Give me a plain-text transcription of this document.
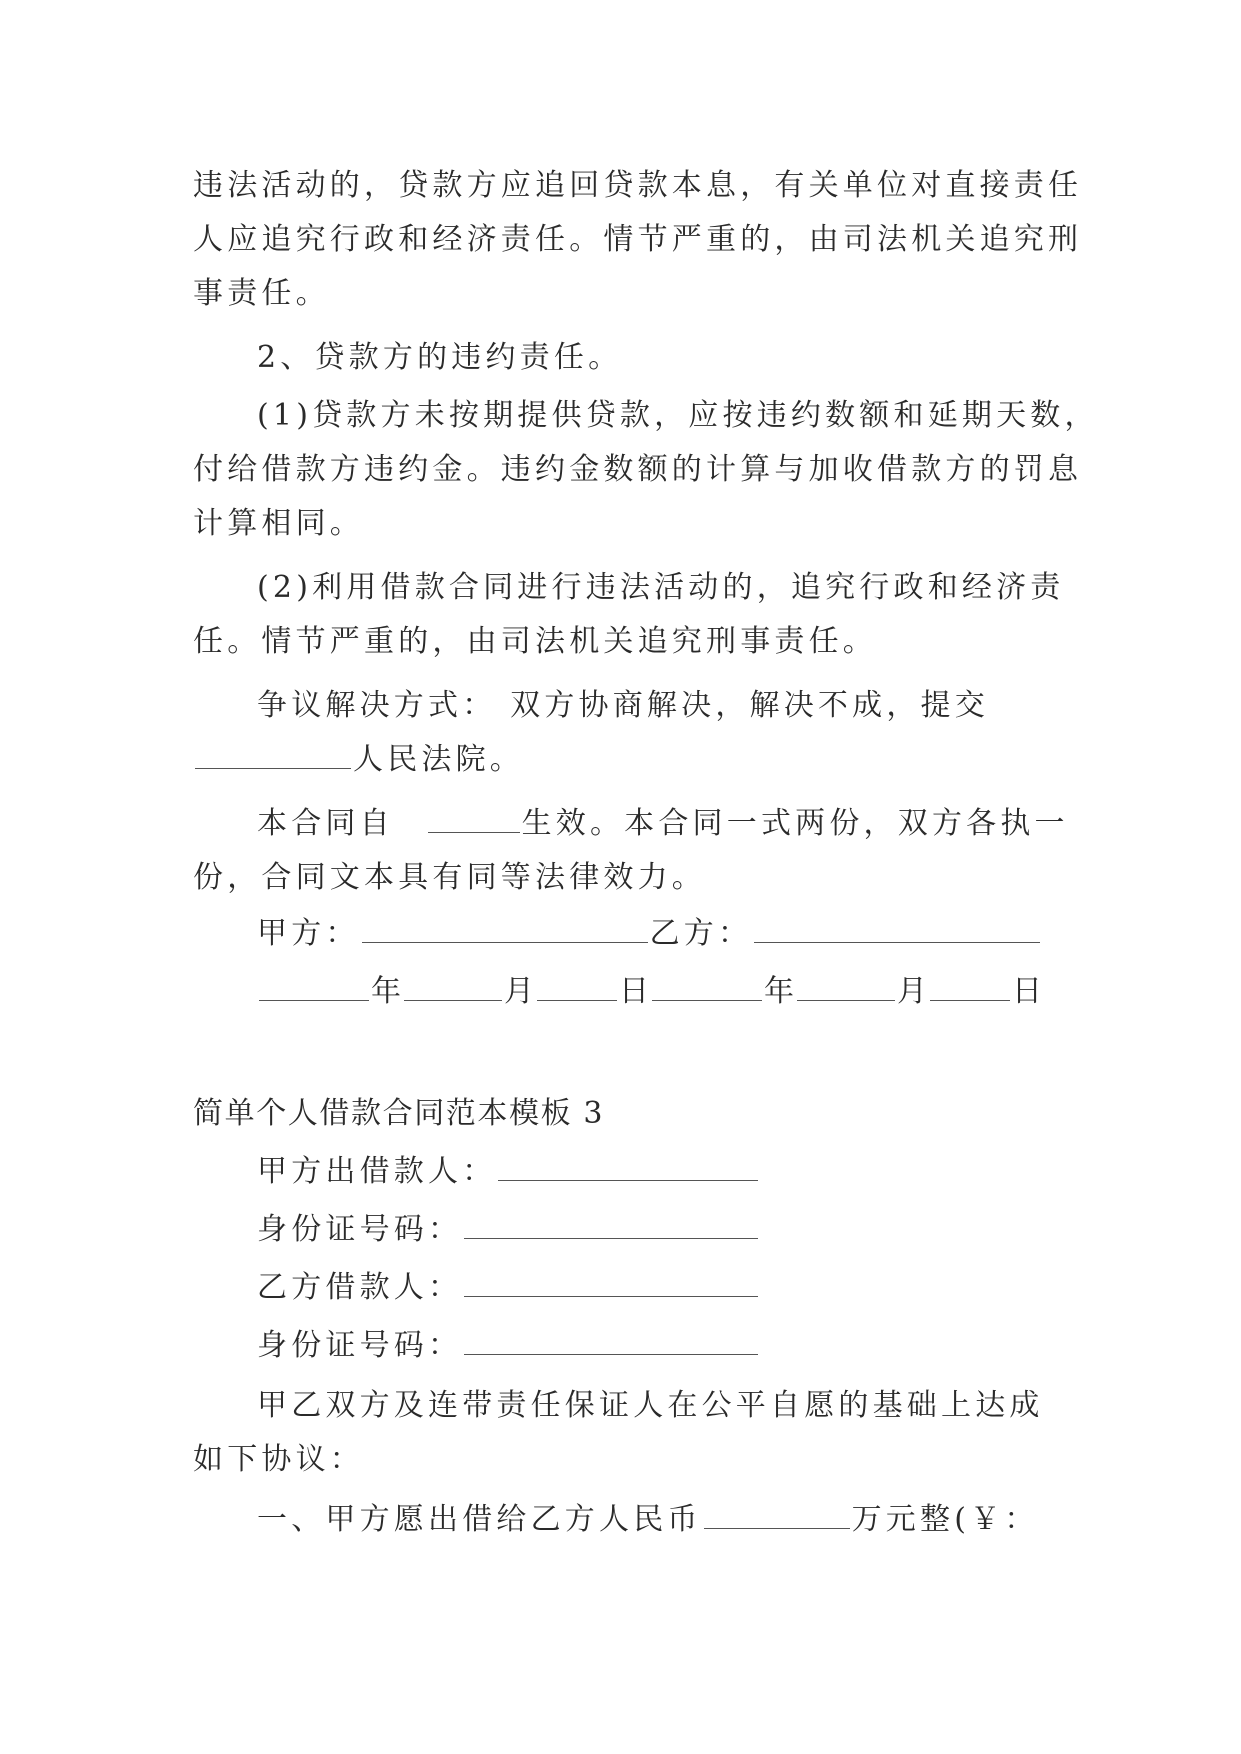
违法活动的，贷款方应追回贷款本息，有关单位对直接责任
人应追究行政和经济责任。情节严重的，由司法机关追究刑
事责任。
2、贷款方的违约责任。
(1)贷款方未按期提供贷款，应按违约数额和延期天数，
付给借款方违约金。违约金数额的计算与加收借款方的罚息
计算相同。
(2)利用借款合同进行违法活动的，追究行政和经济责
任。情节严重的，由司法机关追究刑事责任。
争议解决方式： 双方协商解决，解决不成，提交
人民法院。
本合同自	生效。本合同一式两份，双方各执一
份，合同文本具有同等法律效力。
甲方：	乙方：
年	月	日	年	月	日
简单个人借款合同范本模板 3
甲方出借款人：
身份证号码：
乙方借款人：
身份证号码：
甲乙双方及连带责任保证人在公平自愿的基础上达成
如下协议：
一、甲方愿出借给乙方人民币	万元整(￥：
